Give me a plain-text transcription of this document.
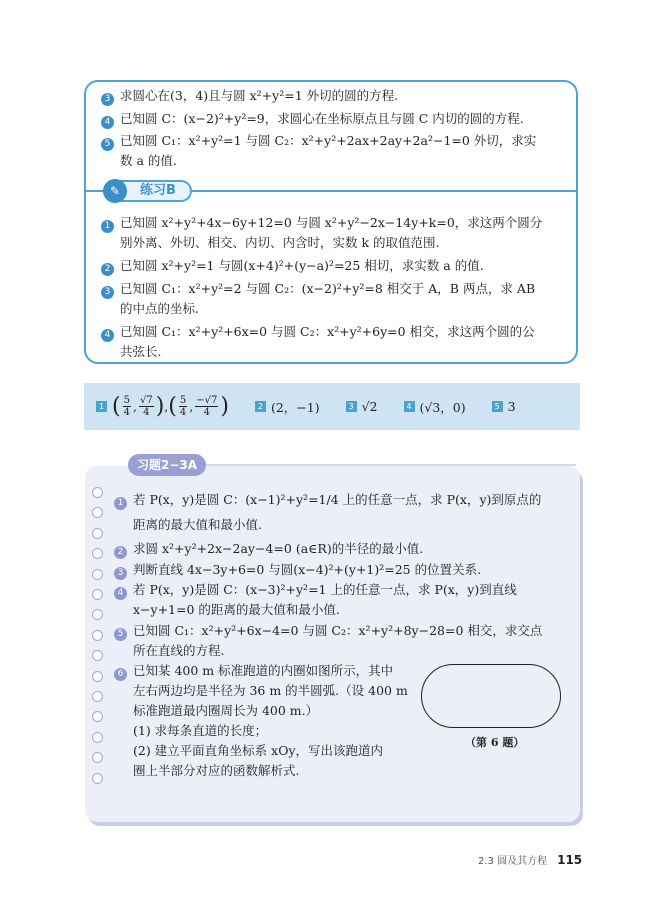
3 求圆心在(3，4)且与圆 x²+y²=1 外切的圆的方程.
4 已知圆 C：(x−2)²+y²=9，求圆心在坐标原点且与圆 C 内切的圆的方程.
5 已知圆 C₁：x²+y²=1 与圆 C₂：x²+y²+2ax+2ay+2a²−1=0 外切，求实
数 a 的值.
✎	练习B
1 已知圆 x²+y²+4x−6y+12=0 与圆 x²+y²−2x−14y+k=0，求这两个圆分
别外离、外切、相交、内切、内含时，实数 k 的取值范围.
2 已知圆 x²+y²=1 与圆(x+4)²+(y−a)²=25 相切，求实数 a 的值.
3 已知圆 C₁：x²+y²=2 与圆 C₂：(x−2)²+y²=8 相交于 A，B 两点，求 AB
的中点的坐标.
4 已知圆 C₁：x²+y²+6x=0 与圆 C₂：x²+y²+6y=0 相交，求这两个圆的公
共弦长.
1 ( $\frac{5}{4}$ , $\frac{√7}{4}$ ) , ( $\frac{5}{4}$ , $\frac{-√7}{4}$ )	2 (2，−1)	3 √2	4 (√3，0)	5 3
习题2−3A
1 若 P(x，y)是圆 C：(x−1)²+y²=1/4 上的任意一点，求 P(x，y)到原点的
距离的最大值和最小值.
2 求圆 x²+y²+2x−2ay−4=0 (a∈R)的半径的最小值.
3 判断直线 4x−3y+6=0 与圆(x−4)²+(y+1)²=25 的位置关系.
4 若 P(x，y)是圆 C：(x−3)²+y²=1 上的任意一点，求 P(x，y)到直线
x−y+1=0 的距离的最大值和最小值.
5 已知圆 C₁：x²+y²+6x−4=0 与圆 C₂：x²+y²+8y−28=0 相交，求交点
所在直线的方程.
6 已知某 400 m 标准跑道的内圈如图所示，其中
左右两边均是半径为 36 m 的半圆弧.（设 400 m
标准跑道最内圈周长为 400 m.）
(1) 求每条直道的长度；
(2) 建立平面直角坐标系 xOy，写出该跑道内
圈上半部分对应的函数解析式.
（第 6 题）
2.3 圆及其方程 115
